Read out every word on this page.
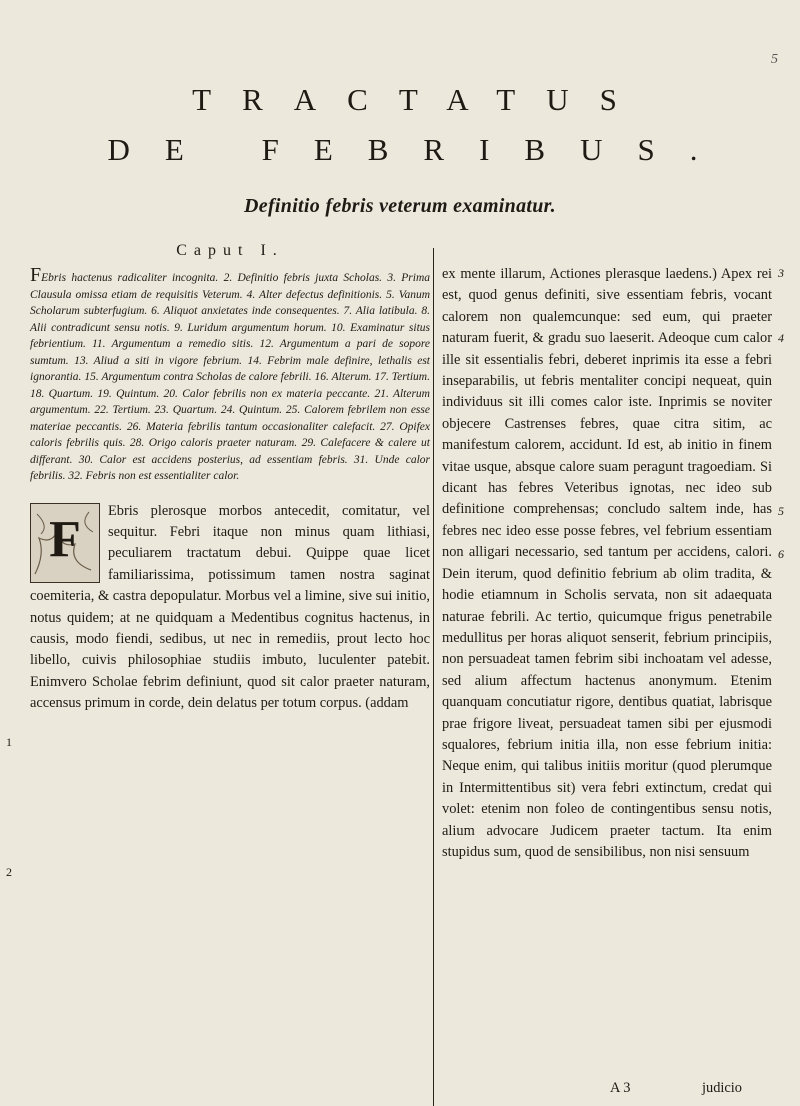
5
TRACTATUS
DE FEBRIBUS.
Definitio febris veterum examinatur.
Caput I.

FEbris hactenus radicaliter incognita. 2. Definitio febris juxta Scholas. 3. Prima Clausula omissa etiam de requisitis Veterum. 4. Alter defectus definitionis. 5. Vanum Scholarum subterfugium. 6. Aliquot anxietates inde consequentes. 7. Alia latibula. 8. Alii contradicunt sensu notis. 9. Luridum argumentum horum. 10. Examinatur situs febrientium. 11. Argumentum a remedio sitis. 12. Argumentum a pari de sopore sumtum. 13. Aliud a siti in vigore febrium. 14. Febrim male definire, lethalis est ignorantia. 15. Argumentum contra Scholas de calore febrili. 16. Alterum. 17. Tertium. 18. Quartum. 19. Quintum. 20. Calor febrilis non ex materia peccante. 21. Alterum argumentum. 22. Tertium. 23. Quartum. 24. Quintum. 25. Calorem febrilem non esse materiae peccantis. 26. Materia febrilis tantum occasionaliter calefacit. 27. Opifex caloris febrilis quis. 28. Origo caloris praeter naturam. 29. Calefacere & calere ut differant. 30. Calor est accidens posterius, ad essentiam febris. 31. Unde calor febrilis. 32. Febris non est essentialiter calor.

F	Ebris plerosque morbos antecedit, comitatur, vel sequitur. Febri itaque non minus quam lithiasi, peculiarem tractatum debui. Quippe quae licet familiarissima, potissimum tamen nostra saginat coemiteria, & castra depopulatur. Morbus vel a limine, sive sui initio, notus quidem; at ne quidquam a Medentibus cognitus hactenus, in causis, modo fiendi, sedibus, ut nec in remediis, prout lecto hoc libello, cuivis philosophiae studiis imbuto, luculenter patebit. Enimvero Scholae febrim definiunt, quod sit calor praeter naturam, accensus primum in corde, dein delatus per totum corpus. (addam

ex mente illarum, Actiones plerasque laedens.) Apex rei est, quod genus definiti, sive essentiam febris, vocant calorem non qualemcunque: sed eum, qui praeter naturam fuerit, & gradu suo laeserit. Adeoque cum calor ille sit essentialis febri, deberet inprimis ita esse a febri inseparabilis, ut febris mentaliter concipi nequeat, quin individuus sit illi comes calor iste. Inprimis se noviter objecere Castrenses febres, quae citra sitim, ac manifestum calorem, accidunt. Id est, ab initio in finem vitae usque, absque calore suam peragunt tragoediam. Si dicant has febres Veteribus ignotas, nec ideo sub definitione comprehensas; concludo saltem inde, has febres nec ideo esse posse febres, vel febrium essentiam non alligari necessario, sed tantum per accidens, calori. Dein iterum, quod definitio febrium ab olim tradita, & hodie etiamnum in Scholis servata, non sit adaequata naturae febrili. Ac tertio, quicumque frigus penetrabile medullitus per horas aliquot senserit, febrium principiis, non persuadeat tamen febrim sibi inchoatam vel adesse, sed alium affectum hactenus anonymum. Etenim quanquam concutiatur rigore, dentibus quatiat, labrisque prae frigore liveat, persuadeat tamen sibi per ejusmodi squalores, febrium initia illa, non esse febrium initia: Neque enim, qui talibus initiis moritur (quod plerumque in Intermittentibus sit) vera febri extinctum, credat qui volet: etenim non foleo de contingentibus sensu notis, alium advocare Judicem praeter tactum. Ita enim stupidus sum, quod de sensibilibus, non nisi sensuum

1
2
3
4
5
6
A 3	judicio
